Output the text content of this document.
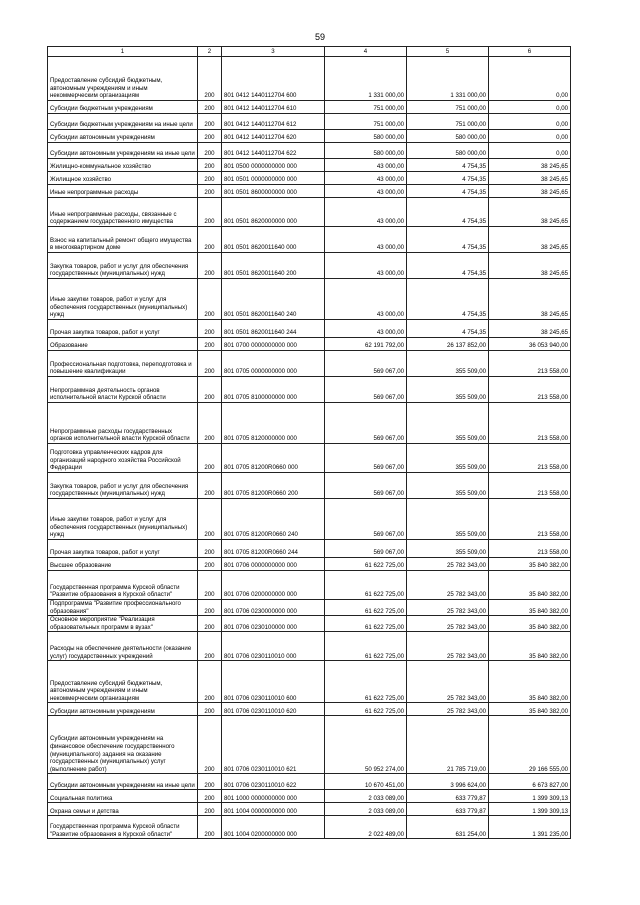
59
1	2	3	4	5	6
Предоставление субсидий бюджетным, автономным учреждениям и иным некоммерческим организациям	200	801 0412 1440112704 600	1 331 000,00	1 331 000,00	0,00
Субсидии бюджетным учреждениям	200	801 0412 1440112704 610	751 000,00	751 000,00	0,00
Субсидии бюджетным учреждениям на иные цели	200	801 0412 1440112704 612	751 000,00	751 000,00	0,00
Субсидии автономным учреждениям	200	801 0412 1440112704 620	580 000,00	580 000,00	0,00
Субсидии автономным учреждениям на иные цели	200	801 0412 1440112704 622	580 000,00	580 000,00	0,00
Жилищно-коммунальное хозяйство	200	801 0500 0000000000 000	43 000,00	4 754,35	38 245,65
Жилищное хозяйство	200	801 0501 0000000000 000	43 000,00	4 754,35	38 245,65
Иные непрограммные расходы	200	801 0501 8600000000 000	43 000,00	4 754,35	38 245,65
Иные непрограммные расходы, связанные с содержанием государственного имущества	200	801 0501 8620000000 000	43 000,00	4 754,35	38 245,65
Взнос на капитальный ремонт общего имущества в многоквартирном доме	200	801 0501 8620011640 000	43 000,00	4 754,35	38 245,65
Закупка товаров, работ и услуг для обеспечения государственных (муниципальных) нужд	200	801 0501 8620011640 200	43 000,00	4 754,35	38 245,65
Иные закупки товаров, работ и услуг для обеспечения государственных (муниципальных) нужд	200	801 0501 8620011640 240	43 000,00	4 754,35	38 245,65
Прочая закупка товаров, работ и услуг	200	801 0501 8620011640 244	43 000,00	4 754,35	38 245,65
Образование	200	801 0700 0000000000 000	62 191 792,00	26 137 852,00	36 053 940,00
Профессиональная подготовка, переподготовка и повышение квалификации	200	801 0705 0000000000 000	569 067,00	355 509,00	213 558,00
Непрограммная деятельность органов исполнительной власти Курской области	200	801 0705 8100000000 000	569 067,00	355 509,00	213 558,00
Непрограммные расходы государственных органов исполнительной власти Курской области	200	801 0705 8120000000 000	569 067,00	355 509,00	213 558,00
Подготовка управленческих кадров для организаций народного хозяйства Российской Федерации	200	801 0705 81200R0660 000	569 067,00	355 509,00	213 558,00
Закупка товаров, работ и услуг для обеспечения государственных (муниципальных) нужд	200	801 0705 81200R0660 200	569 067,00	355 509,00	213 558,00
Иные закупки товаров, работ и услуг для обеспечения государственных (муниципальных) нужд	200	801 0705 81200R0660 240	569 067,00	355 509,00	213 558,00
Прочая закупка товаров, работ и услуг	200	801 0705 81200R0660 244	569 067,00	355 509,00	213 558,00
Высшее образование	200	801 0706 0000000000 000	61 622 725,00	25 782 343,00	35 840 382,00
Государственная программа Курской области "Развитие образования в Курской области"	200	801 0706 0200000000 000	61 622 725,00	25 782 343,00	35 840 382,00
Подпрограмма "Развитие профессионального образования"	200	801 0706 0230000000 000	61 622 725,00	25 782 343,00	35 840 382,00
Основное мероприятие "Реализация образовательных программ в вузах"	200	801 0706 0230100000 000	61 622 725,00	25 782 343,00	35 840 382,00
Расходы на обеспечение деятельности (оказание услуг) государственных учреждений	200	801 0706 0230110010 000	61 622 725,00	25 782 343,00	35 840 382,00
Предоставление субсидий бюджетным, автономным учреждениям и иным некоммерческим организациям	200	801 0706 0230110010 600	61 622 725,00	25 782 343,00	35 840 382,00
Субсидии автономным учреждениям	200	801 0706 0230110010 620	61 622 725,00	25 782 343,00	35 840 382,00
Субсидии автономным учреждениям на финансовое обеспечение государственного (муниципального) задания на оказание государственных (муниципальных) услуг (выполнение работ)	200	801 0706 0230110010 621	50 952 274,00	21 785 719,00	29 166 555,00
Субсидии автономным учреждениям на иные цели	200	801 0706 0230110010 622	10 670 451,00	3 996 624,00	6 673 827,00
Социальная политика	200	801 1000 0000000000 000	2 033 089,00	633 779,87	1 399 309,13
Охрана семьи и детства	200	801 1004 0000000000 000	2 033 089,00	633 779,87	1 399 309,13
Государственная программа Курской области "Развитие образования в Курской области"	200	801 1004 0200000000 000	2 022 489,00	631 254,00	1 391 235,00
